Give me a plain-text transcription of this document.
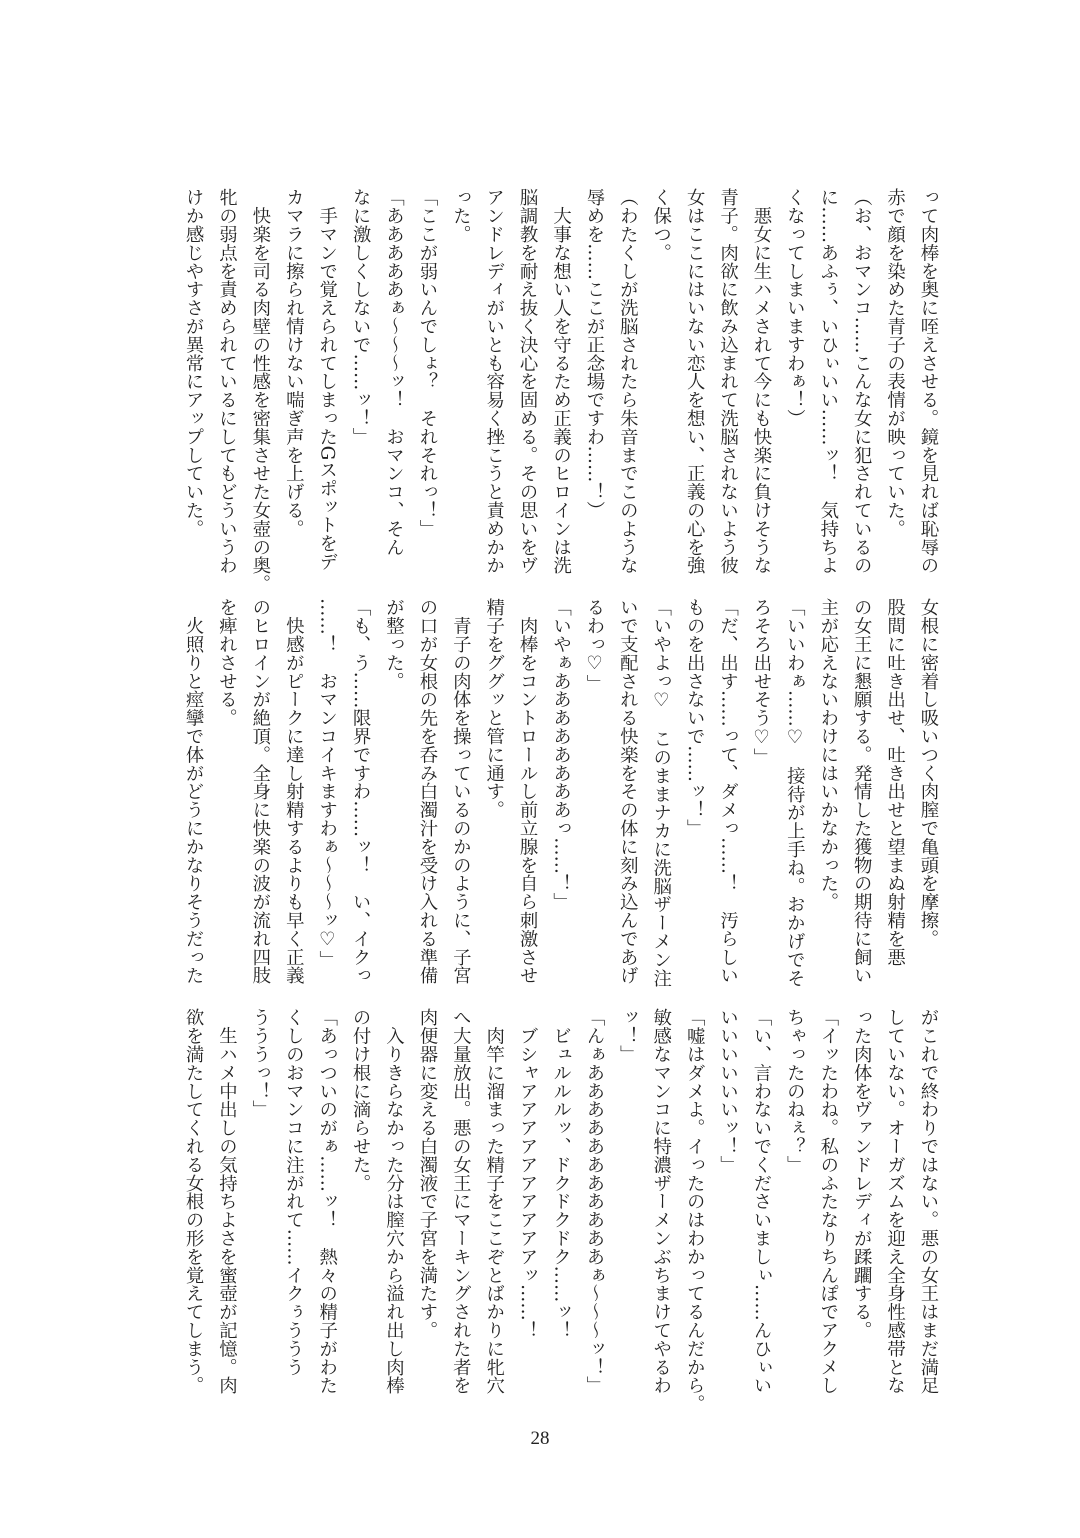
って肉棒を奥に咥えさせる。鏡を見れば恥辱の
赤で顔を染めた青子の表情が映っていた。
（お、おマンコ……こんな女に犯されているの
に……あふぅ、いひぃいい……ッ！　気持ちよ
くなってしまいますわぁ！）
　悪女に生ハメされて今にも快楽に負けそうな
青子。肉欲に飲み込まれて洗脳されないよう彼
女はここにはいない恋人を想い、正義の心を強
く保つ。
（わたくしが洗脳されたら朱音までこのような
辱めを……ここが正念場ですわ……！）
　大事な想い人を守るため正義のヒロインは洗
脳調教を耐え抜く決心を固める。その思いをヴ
アンドレディがいとも容易く挫こうと責めかか
った。
「ここが弱いんでしょ？　それそれっ！」
「あああああぁ〜〜〜ッ！　おマンコ、そん
なに激しくしないで……ッ！」
　手マンで覚えられてしまったGスポットをデ
カマラに擦られ情けない喘ぎ声を上げる。
　快楽を司る肉壁の性感を密集させた女壺の奥。
牝の弱点を責められているにしてもどういうわ
けか感じやすさが異常にアップしていた。
女根に密着し吸いつく肉膣で亀頭を摩擦。
股間に吐き出せ、吐き出せと望まぬ射精を悪
の女王に懇願する。発情した獲物の期待に飼い
主が応えないわけにはいかなかった。
「いいわぁ……♡　接待が上手ね。おかげでそ
ろそろ出せそう♡」
「だ、出す……って、ダメっ……！　汚らしい
ものを出さないで……ッ！」
「いやよっ♡　このままナカに洗脳ザーメン注
いで支配される快楽をその体に刻み込んであげ
るわっ♡」
「いやぁああああああああっ……！」
　肉棒をコントロールし前立腺を自ら刺激させ
精子をググッと管に通す。
　青子の肉体を操っているのかのように、子宮
の口が女根の先を呑み白濁汁を受け入れる準備
が整った。
「も、う……限界ですわ……ッ！　い、イクっ
……！　おマンコイキますわぁ〜〜〜ッ♡」
　快感がピークに達し射精するよりも早く正義
のヒロインが絶頂。全身に快楽の波が流れ四肢
を痺れさせる。
　火照りと痙攣で体がどうにかなりそうだった
がこれで終わりではない。悪の女王はまだ満足
していない。オーガズムを迎え全身性感帯とな
った肉体をヴァンドレディが蹂躙する。
「イッたわね。私のふたなりちんぽでアクメし
ちゃったのねぇ？」
「い、言わないでくださいましぃ……んひぃい
いいいいいいッ！」
「嘘はダメよ。イったのはわかってるんだから。
敏感なマンコに特濃ザーメンぶちまけてやるわ
ッ！」
「んぁあああああああああああぁ〜〜〜ッ！」
　ビュルルルッ、ドクドクドク……ッ！
　ブシャアアアアアアアアアアッ……！
　肉竿に溜まった精子をここぞとばかりに牝穴
へ大量放出。悪の女王にマーキングされた者を
肉便器に変える白濁液で子宮を満たす。
　入りきらなかった分は膣穴から溢れ出し肉棒
の付け根に滴らせた。
「あっついのがぁ……ッ！　熱々の精子がわた
くしのおマンコに注がれて……イクぅううう
うううっ！」
　生ハメ中出しの気持ちよさを蜜壺が記憶。肉
欲を満たしてくれる女根の形を覚えてしまう。
28
